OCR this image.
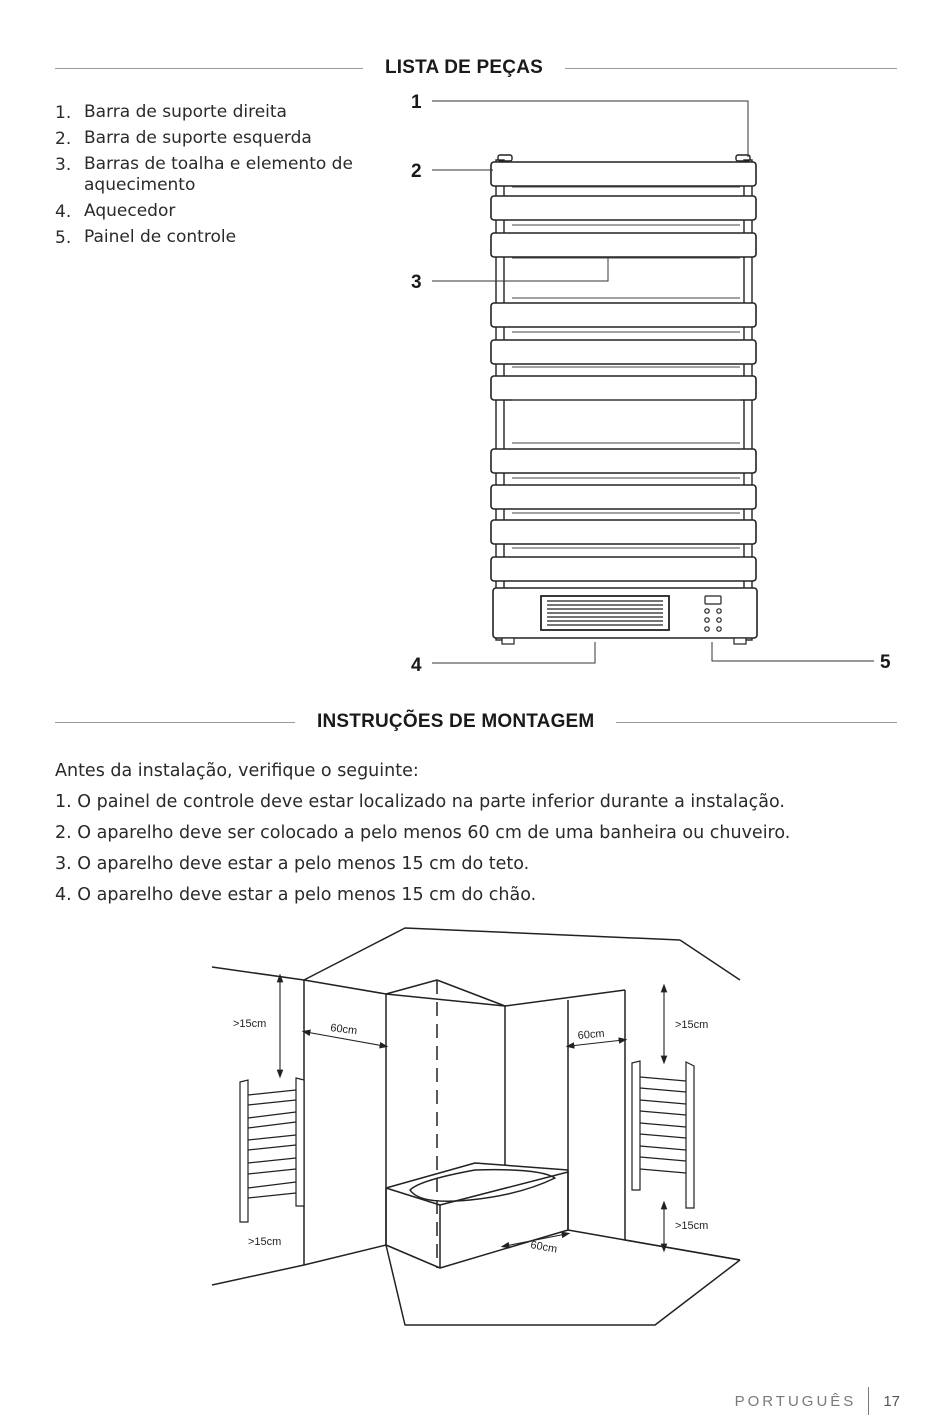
LISTA DE PEÇAS
1. Barra de suporte direita
2. Barra de suporte esquerda
3. Barras de toalha e elemento de aquecimento
4. Aquecedor
5. Painel de controle
1
2
3
4	5
INSTRUÇÕES DE MONTAGEM
Antes da instalação, verifique o seguinte:
1. O painel de controle deve estar localizado na parte inferior durante a instalação.
2. O aparelho deve ser colocado a pelo menos 60 cm de uma banheira ou chuveiro.
3. O aparelho deve estar a pelo menos 15 cm do teto.
4. O aparelho deve estar a pelo menos 15 cm do chão.
>15cm	60cm	60cm
>15cm
>15cm
>15cm
60cm
PORTUGUÊS 17
